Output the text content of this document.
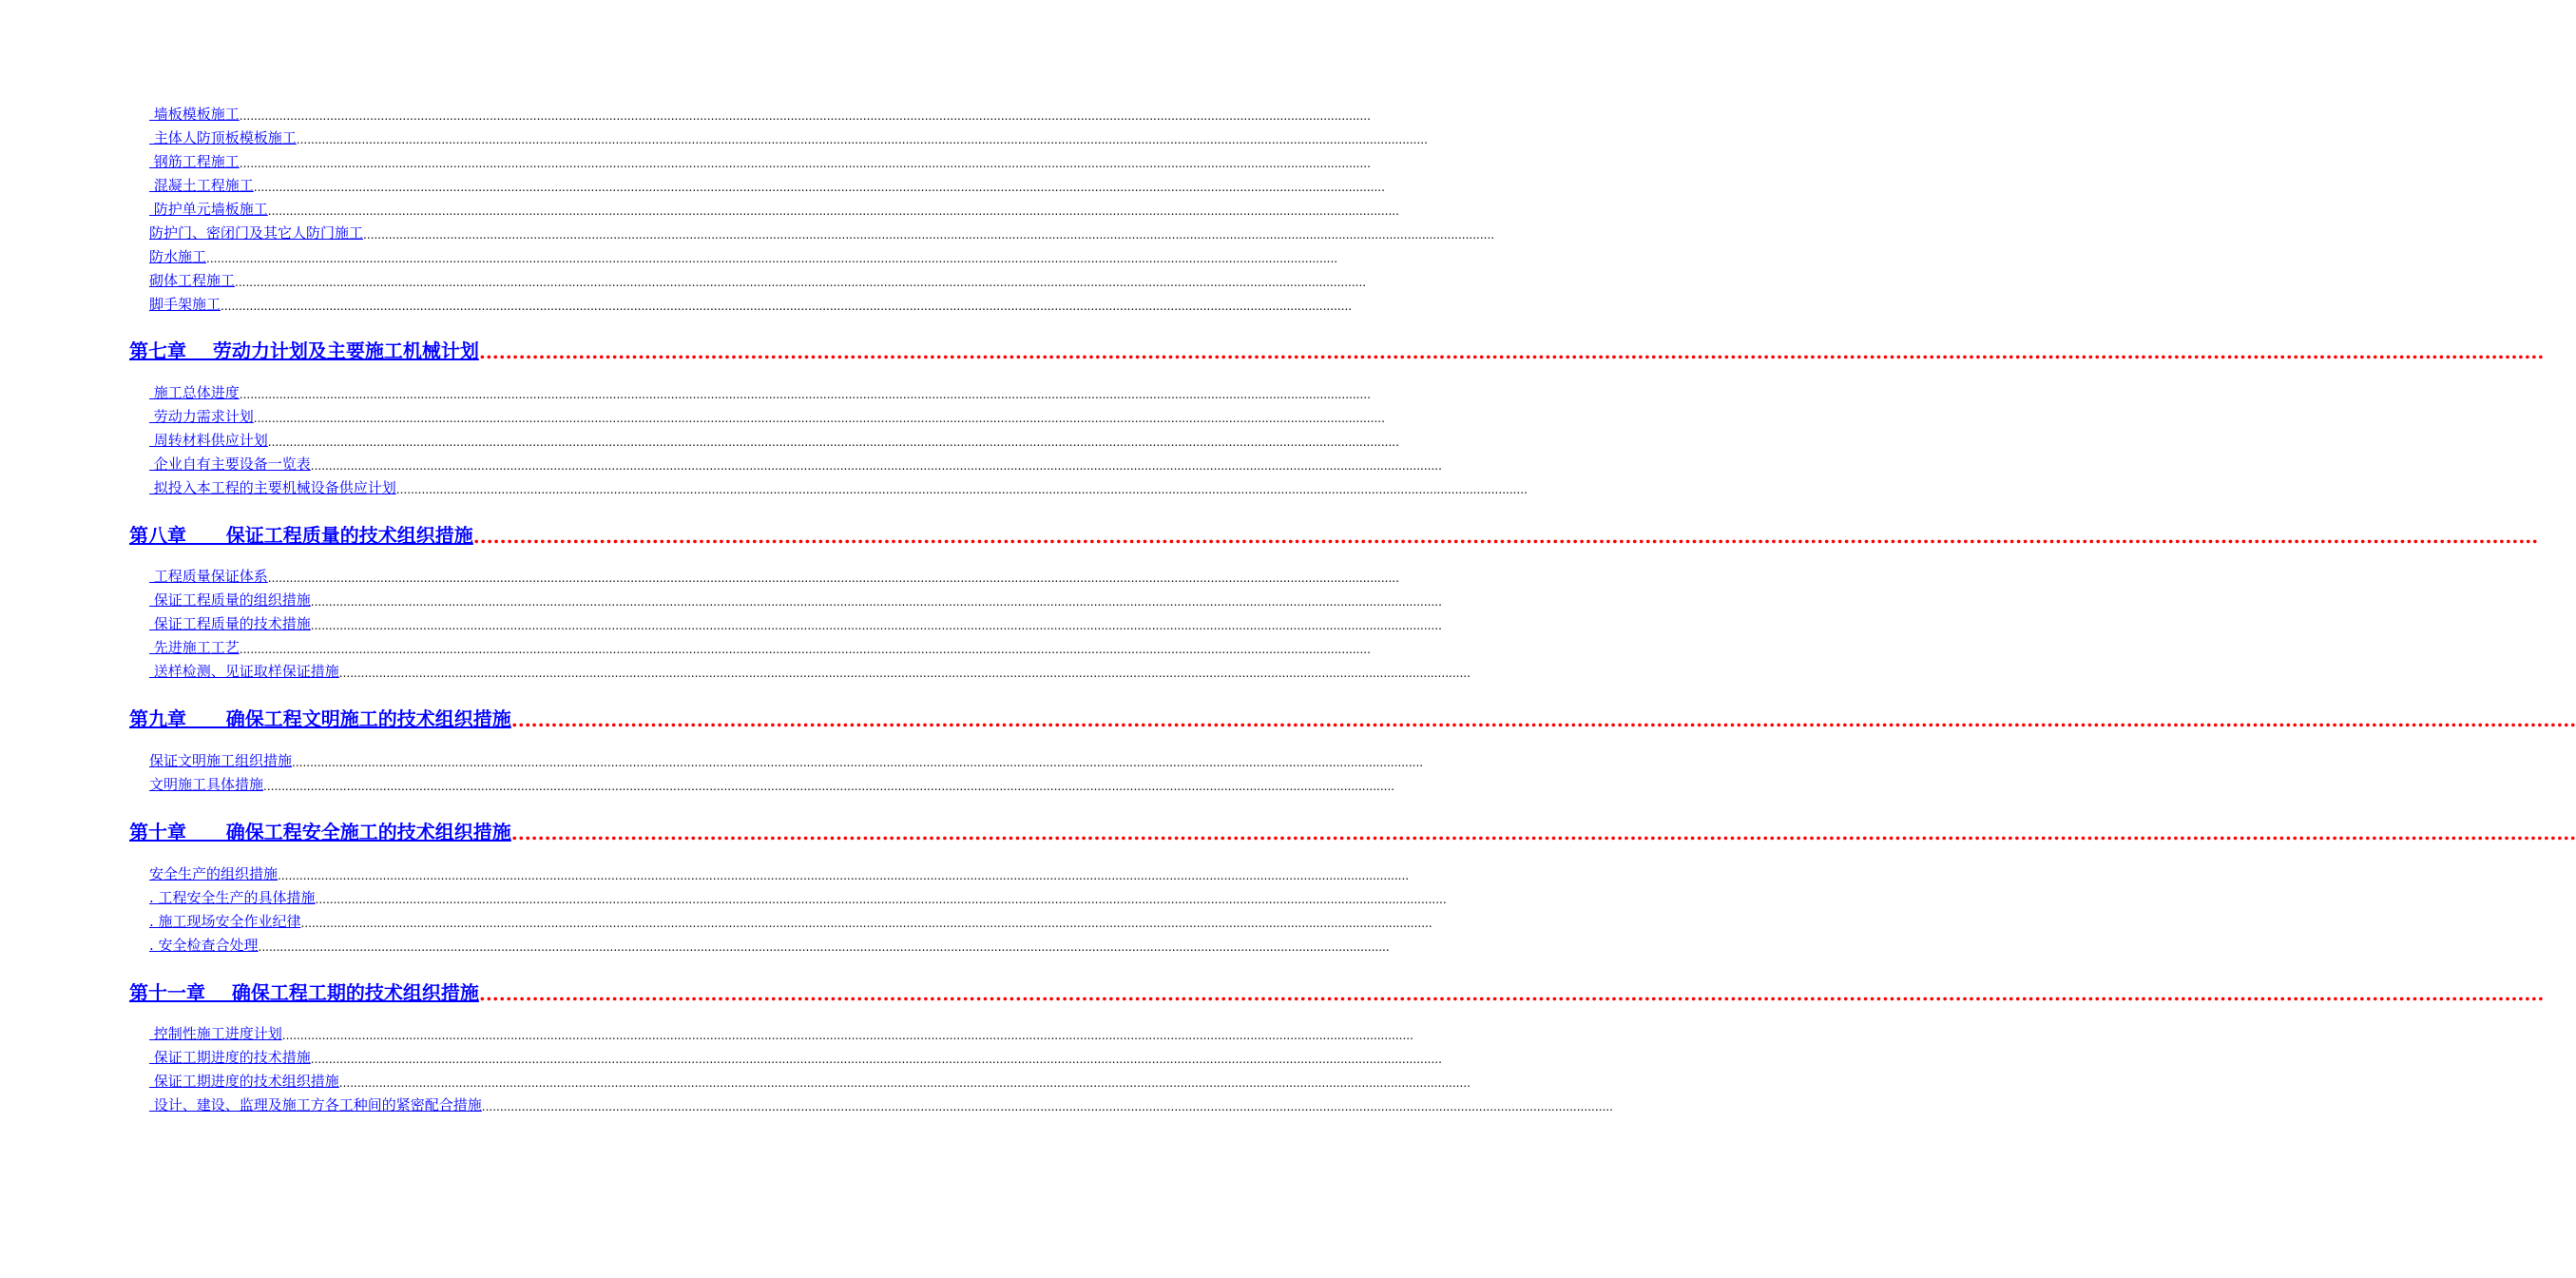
墙板模板施工 ........................................................................................................................................................................................................................................................................................................................
主体人防顶板模板施工 ........................................................................................................................................................................................................................................................................................................................
钢筋工程施工 ........................................................................................................................................................................................................................................................................................................................
混凝土工程施工 ........................................................................................................................................................................................................................................................................................................................
防护单元墙板施工 ........................................................................................................................................................................................................................................................................................................................
防护门、密闭门及其它人防门施工 ........................................................................................................................................................................................................................................................................................................................
防水施工 ........................................................................................................................................................................................................................................................................................................................
砌体工程施工 ........................................................................................................................................................................................................................................................................................................................
脚手架施工 ........................................................................................................................................................................................................................................................................................................................
第七章    劳动力计划及主要施工机械计划 ........................................................................................................................................................................................................................................................................................................................
施工总体进度 ........................................................................................................................................................................................................................................................................................................................
劳动力需求计划 ........................................................................................................................................................................................................................................................................................................................
周转材料供应计划 ........................................................................................................................................................................................................................................................................................................................
企业自有主要设备一览表 ........................................................................................................................................................................................................................................................................................................................
拟投入本工程的主要机械设备供应计划 ........................................................................................................................................................................................................................................................................................................................
第八章      保证工程质量的技术组织措施 ........................................................................................................................................................................................................................................................................................................................
工程质量保证体系 ........................................................................................................................................................................................................................................................................................................................
保证工程质量的组织措施 ........................................................................................................................................................................................................................................................................................................................
保证工程质量的技术措施 ........................................................................................................................................................................................................................................................................................................................
先进施工工艺 ........................................................................................................................................................................................................................................................................................................................
送样检测、见证取样保证措施 ........................................................................................................................................................................................................................................................................................................................
第九章      确保工程文明施工的技术组织措施 ........................................................................................................................................................................................................................................................................................................................
保证文明施工组织措施 ........................................................................................................................................................................................................................................................................................................................
文明施工具体措施 ........................................................................................................................................................................................................................................................................................................................
第十章      确保工程安全施工的技术组织措施 ........................................................................................................................................................................................................................................................................................................................
安全生产的组织措施 ........................................................................................................................................................................................................................................................................................................................
. 工程安全生产的具体措施 ........................................................................................................................................................................................................................................................................................................................
. 施工现场安全作业纪律 ........................................................................................................................................................................................................................................................................................................................
. 安全检查合处理 ........................................................................................................................................................................................................................................................................................................................
第十一章    确保工程工期的技术组织措施 ........................................................................................................................................................................................................................................................................................................................
控制性施工进度计划 ........................................................................................................................................................................................................................................................................................................................
保证工期进度的技术措施 ........................................................................................................................................................................................................................................................................................................................
保证工期进度的技术组织措施 ........................................................................................................................................................................................................................................................................................................................
设计、建设、监理及施工方各工种间的紧密配合措施 ........................................................................................................................................................................................................................................................................................................................
